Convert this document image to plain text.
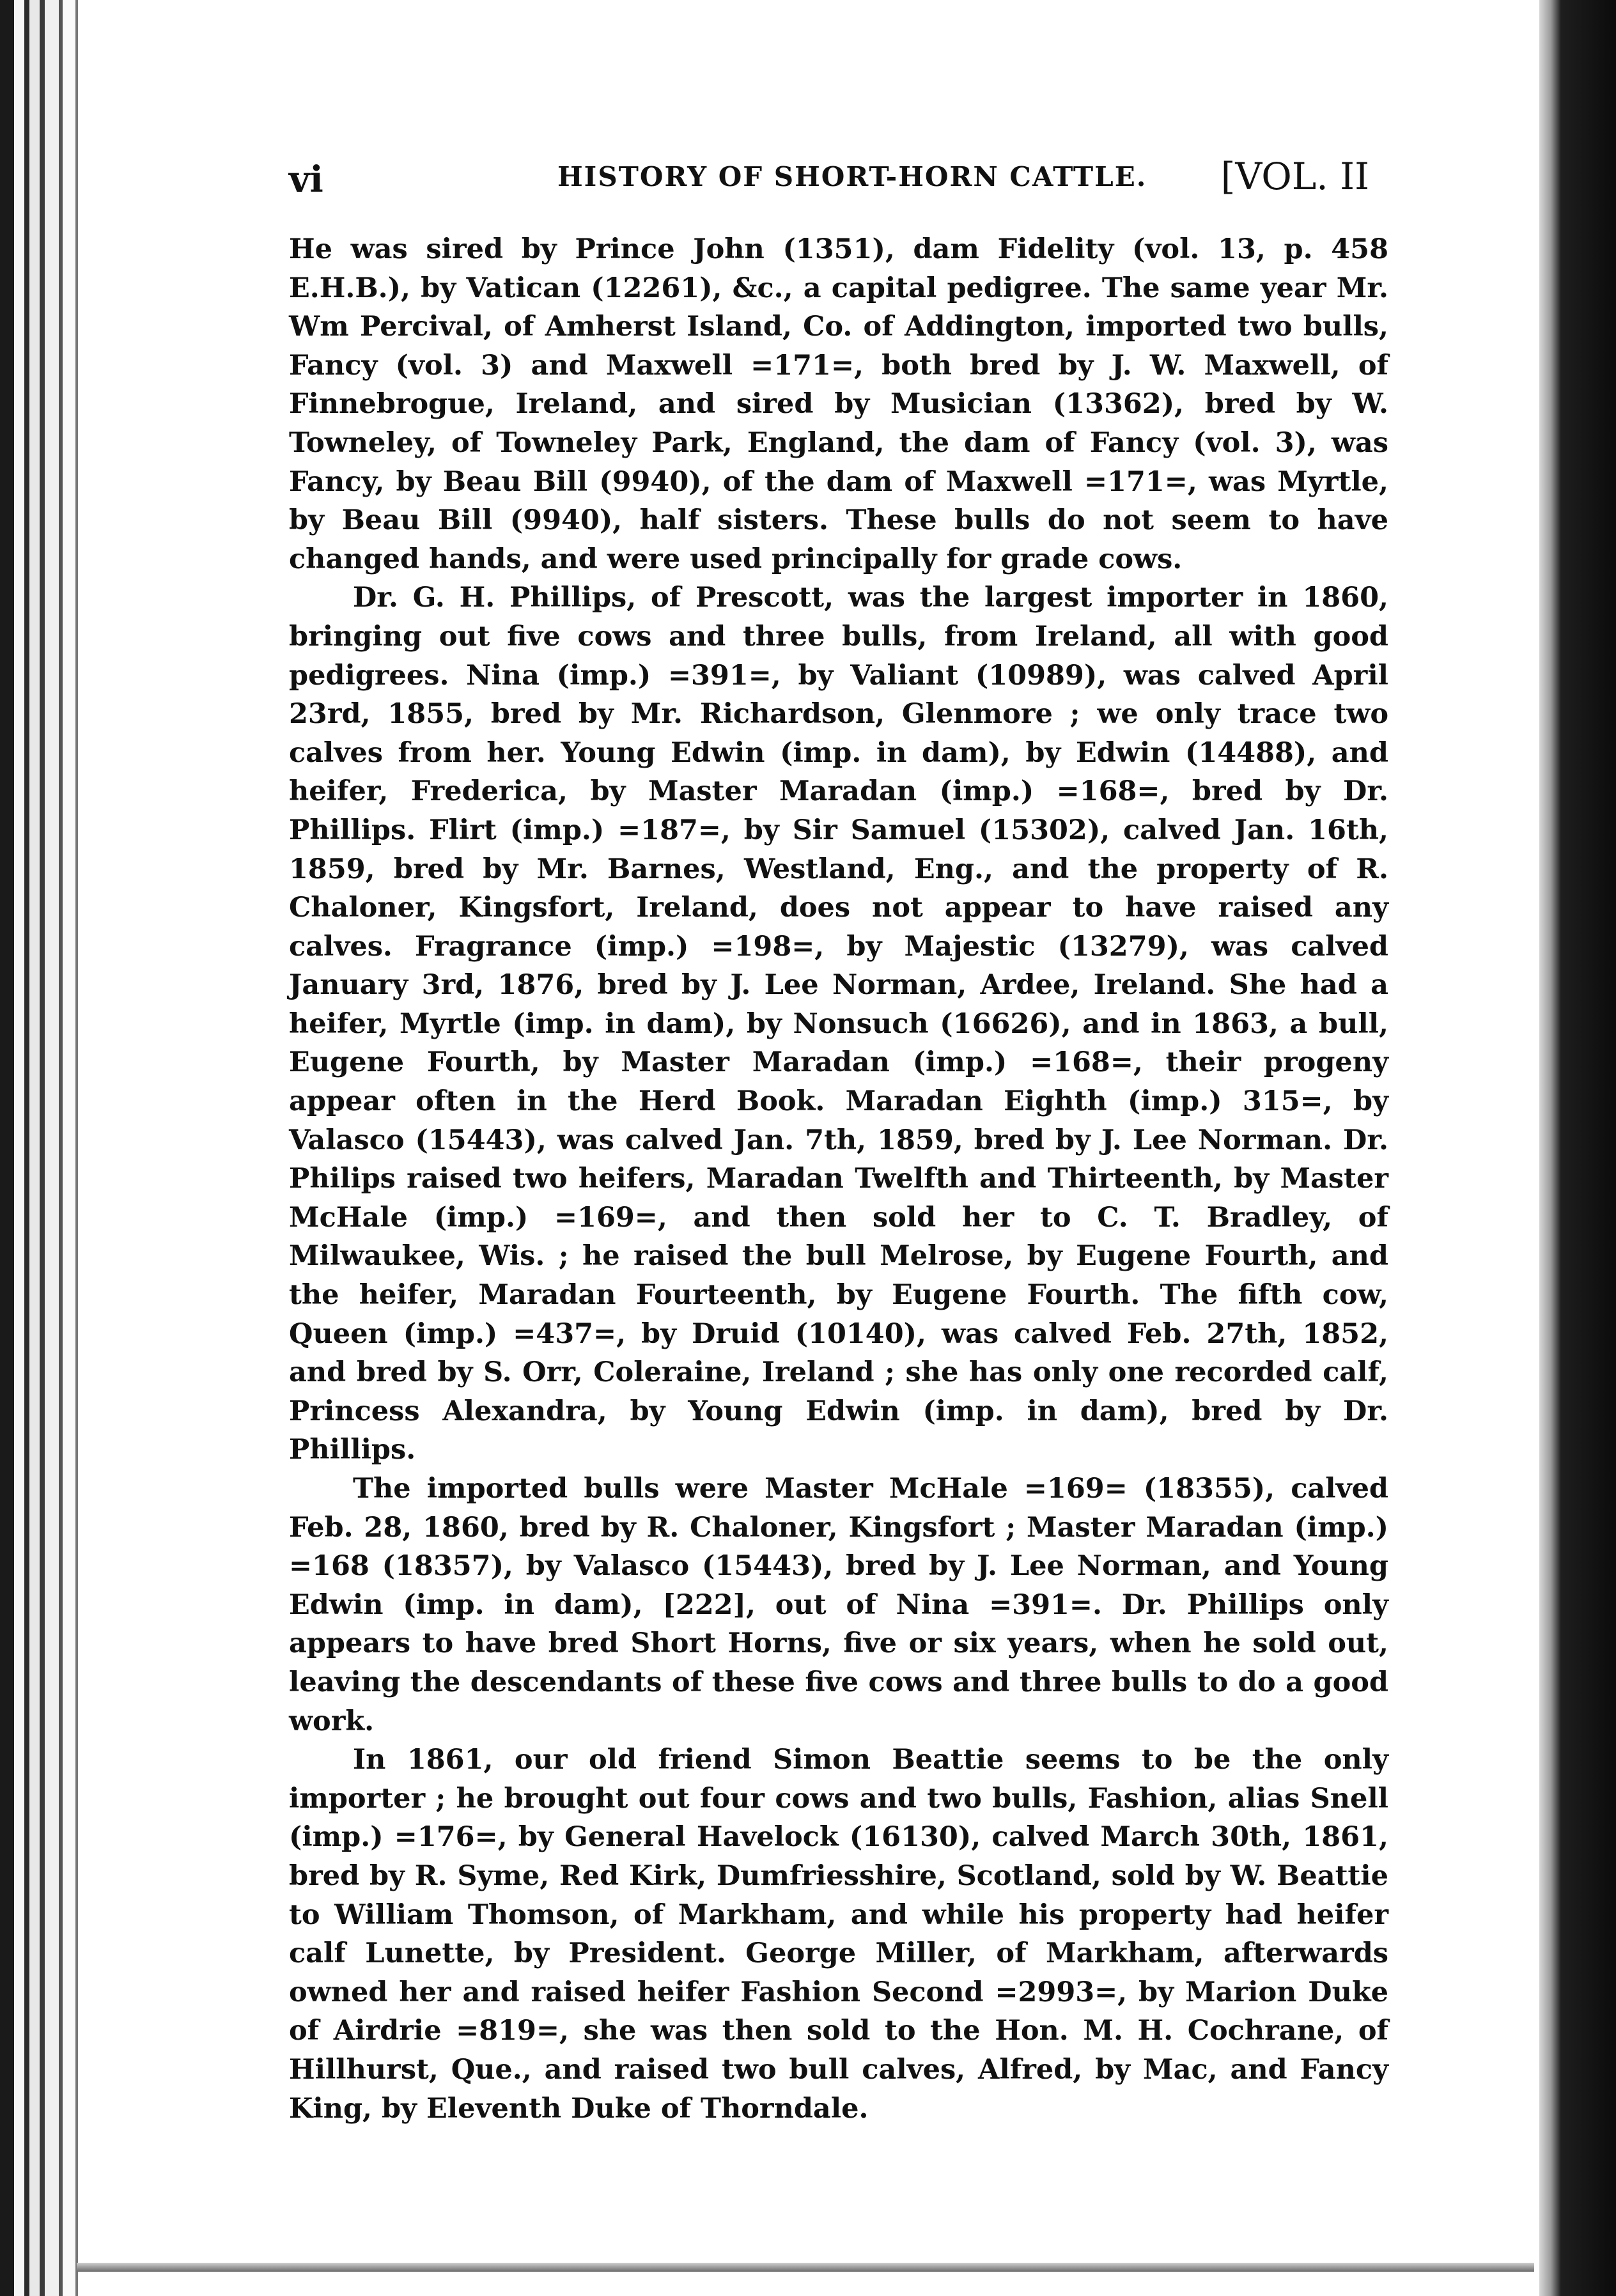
vi	HISTORY OF SHORT-HORN CATTLE. [VOL. II

He was sired by Prince John (1351), dam Fidelity (vol. 13, p. 458 E.H.B.), by Vatican (12261), &c., a capital pedigree. The same year Mr. Wm Percival, of Amherst Island, Co. of Addington, imported two bulls, Fancy (vol. 3) and Maxwell =171=, both bred by J. W. Maxwell, of Finnebrogue, Ireland, and sired by Musician (13362), bred by W. Towneley, of Towneley Park, England, the dam of Fancy (vol. 3), was Fancy, by Beau Bill (9940), of the dam of Maxwell =171=, was Myrtle, by Beau Bill (9940), half sisters. These bulls do not seem to have changed hands, and were used principally for grade cows.

Dr. G. H. Phillips, of Prescott, was the largest importer in 1860, bringing out five cows and three bulls, from Ireland, all with good pedigrees. Nina (imp.) =391=, by Valiant (10989), was calved April 23rd, 1855, bred by Mr. Richardson, Glenmore ; we only trace two calves from her. Young Edwin (imp. in dam), by Edwin (14488), and heifer, Frederica, by Master Maradan (imp.) =168=, bred by Dr. Phillips. Flirt (imp.) =187=, by Sir Samuel (15302), calved Jan. 16th, 1859, bred by Mr. Barnes, Westland, Eng., and the property of R. Chaloner, Kingsfort, Ireland, does not appear to have raised any calves. Fragrance (imp.) =198=, by Majestic (13279), was calved January 3rd, 1876, bred by J. Lee Norman, Ardee, Ireland. She had a heifer, Myrtle (imp. in dam), by Nonsuch (16626), and in 1863, a bull, Eugene Fourth, by Master Maradan (imp.) =168=, their progeny appear often in the Herd Book. Maradan Eighth (imp.) 315=, by Valasco (15443), was calved Jan. 7th, 1859, bred by J. Lee Norman. Dr. Philips raised two heifers, Maradan Twelfth and Thirteenth, by Master McHale (imp.) =169=, and then sold her to C. T. Bradley, of Milwaukee, Wis. ; he raised the bull Melrose, by Eugene Fourth, and the heifer, Maradan Fourteenth, by Eugene Fourth. The fifth cow, Queen (imp.) =437=, by Druid (10140), was calved Feb. 27th, 1852, and bred by S. Orr, Coleraine, Ireland ; she has only one recorded calf, Princess Alexandra, by Young Edwin (imp. in dam), bred by Dr. Phillips.

The imported bulls were Master McHale =169= (18355), calved Feb. 28, 1860, bred by R. Chaloner, Kingsfort ; Master Maradan (imp.) =168 (18357), by Valasco (15443), bred by J. Lee Norman, and Young Edwin (imp. in dam), [222], out of Nina =391=. Dr. Phillips only appears to have bred Short Horns, five or six years, when he sold out, leaving the descendants of these five cows and three bulls to do a good work.

In 1861, our old friend Simon Beattie seems to be the only importer ; he brought out four cows and two bulls, Fashion, alias Snell (imp.) =176=, by General Havelock (16130), calved March 30th, 1861, bred by R. Syme, Red Kirk, Dumfriesshire, Scotland, sold by W. Beattie to William Thomson, of Markham, and while his property had heifer calf Lunette, by President. George Miller, of Markham, afterwards owned her and raised heifer Fashion Second =2993=, by Marion Duke of Airdrie =819=, she was then sold to the Hon. M. H. Cochrane, of Hillhurst, Que., and raised two bull calves, Alfred, by Mac, and Fancy King, by Eleventh Duke of Thorndale.
